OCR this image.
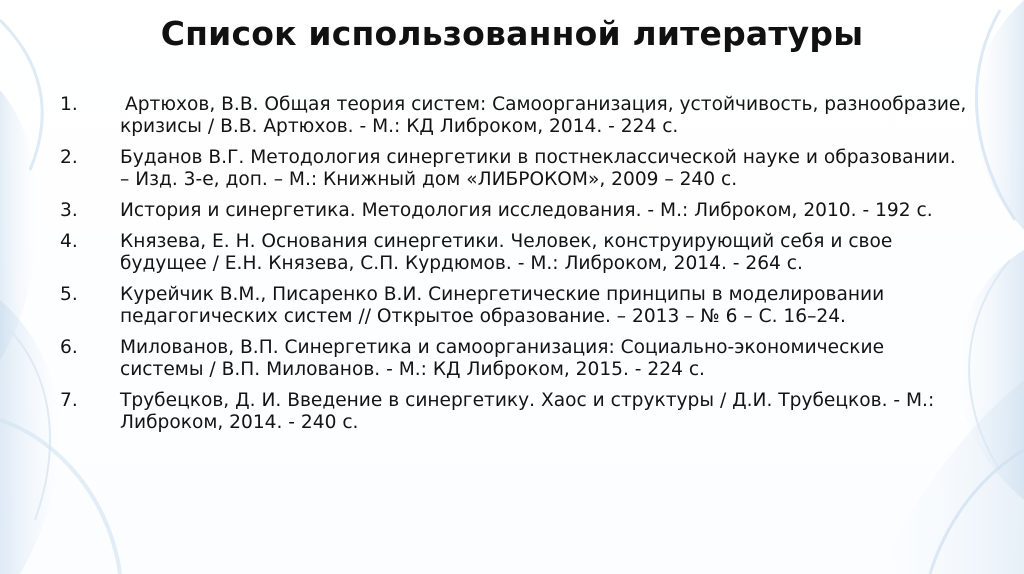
Список использованной литературы
1.	Артюхов, В.В. Общая теория систем: Самоорганизация, устойчивость, разнообразие, кризисы / В.В. Артюхов. - М.: КД Либроком, 2014. - 224 с.
2.	Буданов В.Г. Методология синергетики в постнеклассической науке и образовании. – Изд. 3-е, доп. – М.: Книжный дом «ЛИБРОКОМ», 2009 – 240 с.
3.	История и синергетика. Методология исследования. - М.: Либроком, 2010. - 192 с.
4.	Князева, Е. Н. Основания синергетики. Человек, конструирующий себя и свое будущее / Е.Н. Князева, С.П. Курдюмов. - М.: Либроком, 2014. - 264 с.
5.	Курейчик В.М., Писаренко В.И. Синергетические принципы в моделировании педагогических систем // Открытое образование. – 2013 – № 6 – С. 16–24.
6.	Милованов, В.П. Синергетика и самоорганизация: Социально-экономические системы / В.П. Милованов. - М.: КД Либроком, 2015. - 224 с.
7.	Трубецков, Д. И. Введение в синергетику. Хаос и структуры / Д.И. Трубецков. - М.: Либроком, 2014. - 240 с.
